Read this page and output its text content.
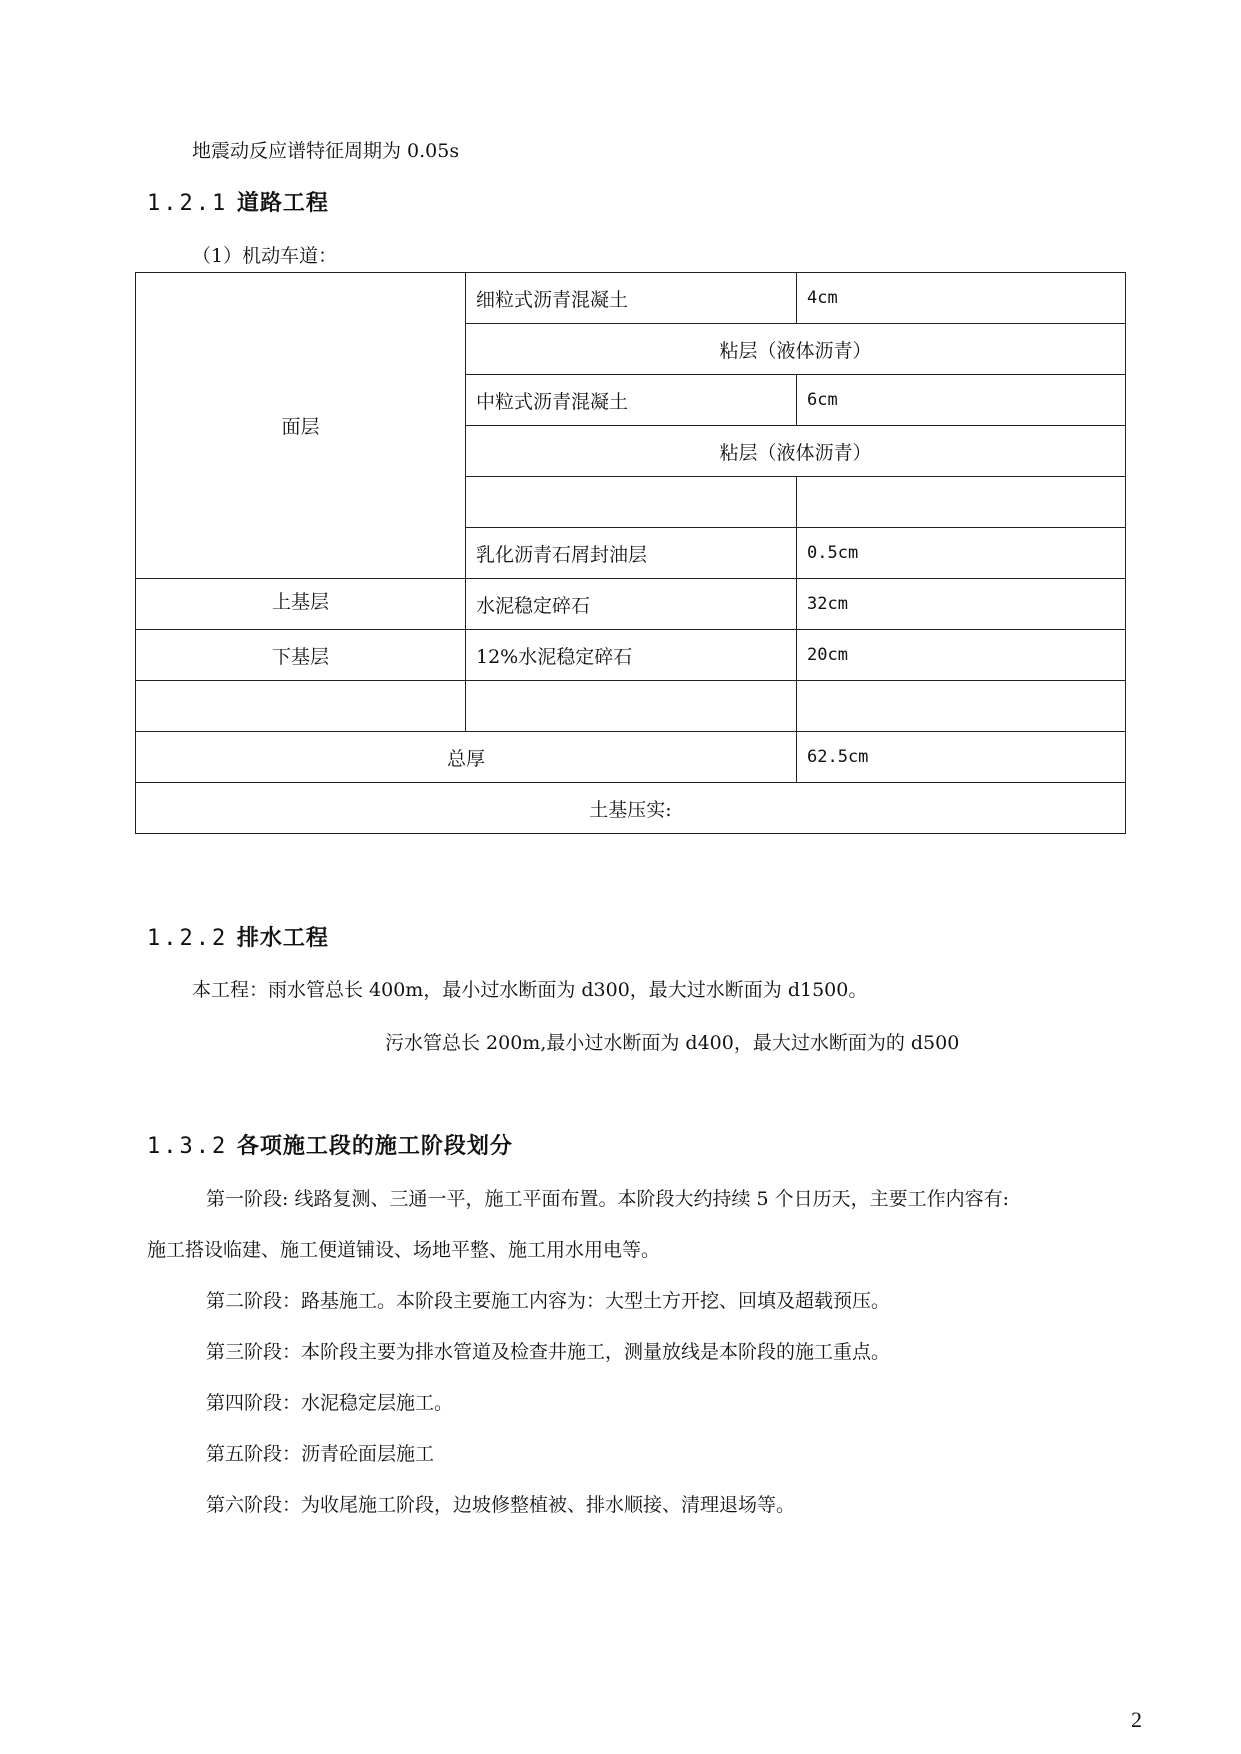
地震动反应谱特征周期为 0.05s
1.2.1 道路工程
（1）机动车道：
面层	细粒式沥青混凝土	4cm
	粘层（液体沥青）	
	中粒式沥青混凝土	6cm
	粘层（液体沥青）	

	乳化沥青石屑封油层	0.5cm
上基层	水泥稳定碎石	32cm
下基层	12%水泥稳定碎石	20cm

总厚		62.5cm
土基压实:		
1.2.2 排水工程
本工程：雨水管总长 400m，最小过水断面为 d300，最大过水断面为 d1500。
污水管总长 200m,最小过水断面为 d400，最大过水断面为的 d500
1.3.2 各项施工段的施工阶段划分
第一阶段: 线路复测、三通一平，施工平面布置。本阶段大约持续 5 个日历天，主要工作内容有:
施工搭设临建、施工便道铺设、场地平整、施工用水用电等。
第二阶段：路基施工。本阶段主要施工内容为：大型土方开挖、回填及超载预压。
第三阶段：本阶段主要为排水管道及检查井施工，测量放线是本阶段的施工重点。
第四阶段：水泥稳定层施工。
第五阶段：沥青砼面层施工
第六阶段：为收尾施工阶段，边坡修整植被、排水顺接、清理退场等。
2
